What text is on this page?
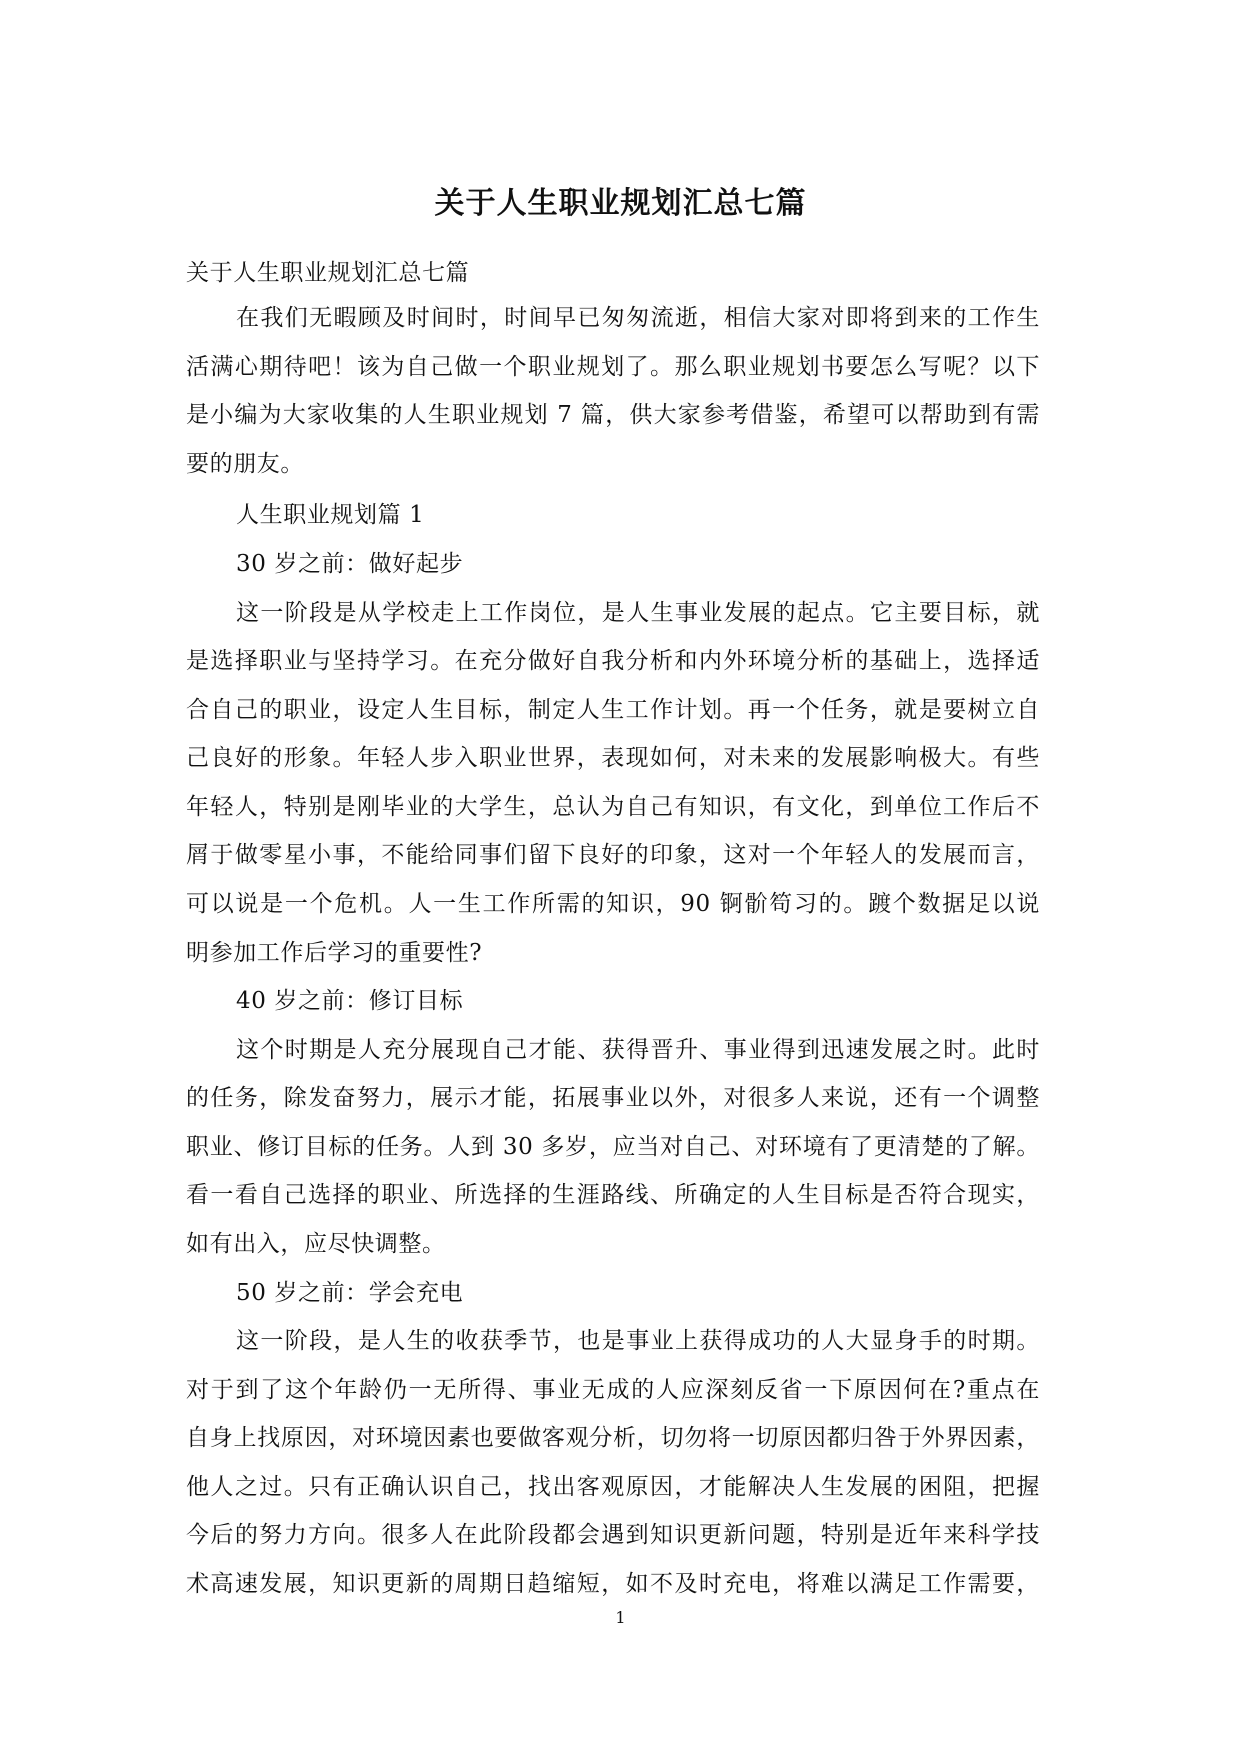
关于人生职业规划汇总七篇
关于人生职业规划汇总七篇
在我们无暇顾及时间时，时间早已匆匆流逝，相信大家对即将到来的工作生
活满心期待吧！该为自己做一个职业规划了。那么职业规划书要怎么写呢？以下
是小编为大家收集的人生职业规划 7 篇，供大家参考借鉴，希望可以帮助到有需
要的朋友。
人生职业规划篇 1
30 岁之前：做好起步
这一阶段是从学校走上工作岗位，是人生事业发展的起点。它主要目标，就
是选择职业与坚持学习。在充分做好自我分析和内外环境分析的基础上，选择适
合自己的职业，设定人生目标，制定人生工作计划。再一个任务，就是要树立自
己良好的形象。年轻人步入职业世界，表现如何，对未来的发展影响极大。有些
年轻人，特别是刚毕业的大学生，总认为自己有知识，有文化，到单位工作后不
屑于做零星小事，不能给同事们留下良好的印象，这对一个年轻人的发展而言，
可以说是一个危机。人一生工作所需的知识，90 锕骱笱习的。踱个数据足以说
明参加工作后学习的重要性?
40 岁之前：修订目标
这个时期是人充分展现自己才能、获得晋升、事业得到迅速发展之时。此时
的任务，除发奋努力，展示才能，拓展事业以外，对很多人来说，还有一个调整
职业、修订目标的任务。人到 30 多岁，应当对自己、对环境有了更清楚的了解。
看一看自己选择的职业、所选择的生涯路线、所确定的人生目标是否符合现实，
如有出入，应尽快调整。
50 岁之前：学会充电
这一阶段，是人生的收获季节，也是事业上获得成功的人大显身手的时期。
对于到了这个年龄仍一无所得、事业无成的人应深刻反省一下原因何在?重点在
自身上找原因，对环境因素也要做客观分析，切勿将一切原因都归咎于外界因素，
他人之过。只有正确认识自己，找出客观原因，才能解决人生发展的困阻，把握
今后的努力方向。很多人在此阶段都会遇到知识更新问题，特别是近年来科学技
术高速发展，知识更新的周期日趋缩短，如不及时充电，将难以满足工作需要，
1
